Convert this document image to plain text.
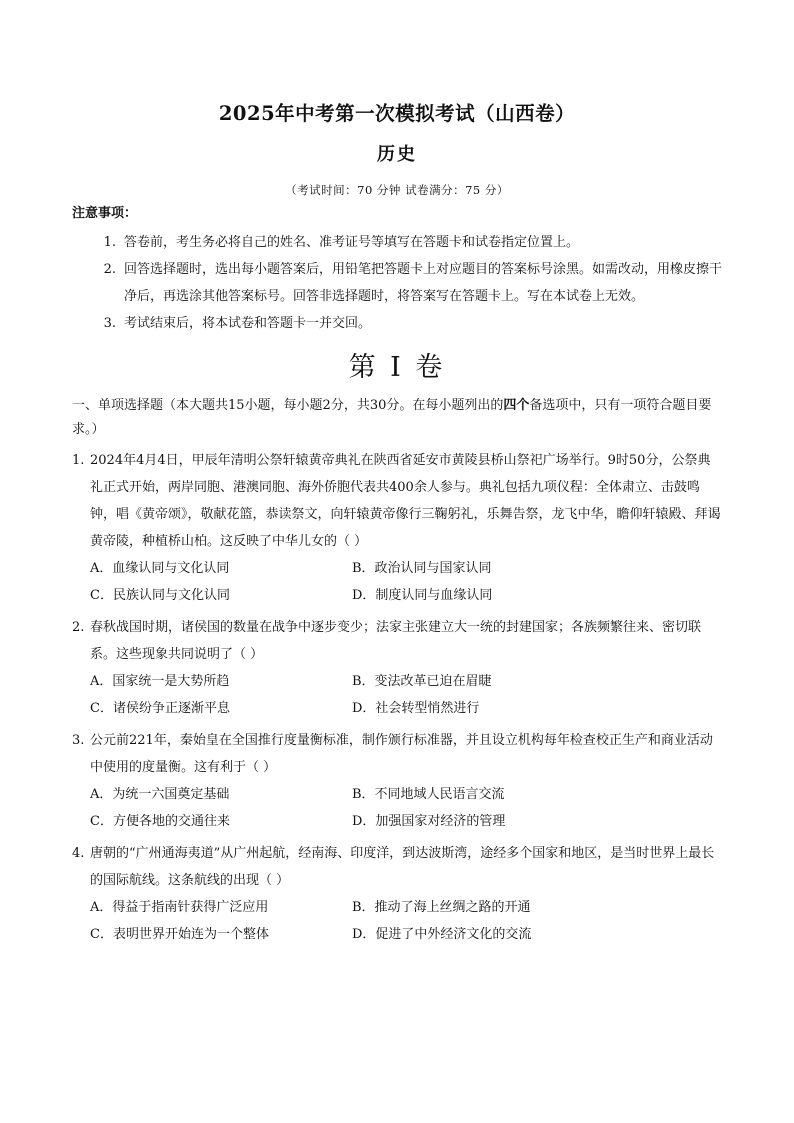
2025年中考第一次模拟考试（山西卷）
历史
（考试时间：70 分钟 试卷满分：75 分）
注意事项：
1. 答卷前，考生务必将自己的姓名、准考证号等填写在答题卡和试卷指定位置上。
2. 回答选择题时，选出每小题答案后，用铅笔把答题卡上对应题目的答案标号涂黑。如需改动，用橡皮擦干净后，再选涂其他答案标号。回答非选择题时，将答案写在答题卡上。写在本试卷上无效。
3. 考试结束后，将本试卷和答题卡一并交回。
第 I 卷
一、单项选择题（本大题共15小题，每小题2分，共30分。在每小题列出的四个备选项中，只有一项符合题目要求。）
1. 2024年4月4日，甲辰年清明公祭轩辕黄帝典礼在陕西省延安市黄陵县桥山祭祀广场举行。9时50分，公祭典礼正式开始，两岸同胞、港澳同胞、海外侨胞代表共400余人参与。典礼包括九项仪程：全体肃立、击鼓鸣钟，唱《黄帝颂》，敬献花篮，恭读祭文，向轩辕黄帝像行三鞠躬礼，乐舞告祭，龙飞中华，瞻仰轩辕殿、拜谒黄帝陵，种植桥山柏。这反映了中华儿女的（ ）
A．血缘认同与文化认同	B．政治认同与国家认同
C．民族认同与文化认同	D．制度认同与血缘认同
2. 春秋战国时期，诸侯国的数量在战争中逐步变少；法家主张建立大一统的封建国家；各族频繁往来、密切联系。这些现象共同说明了（ ）
A．国家统一是大势所趋	B．变法改革已迫在眉睫
C．诸侯纷争正逐渐平息	D．社会转型悄然进行
3. 公元前221年，秦始皇在全国推行度量衡标准，制作颁行标准器，并且设立机构每年检查校正生产和商业活动中使用的度量衡。这有利于（ ）
A．为统一六国奠定基础	B．不同地域人民语言交流
C．方便各地的交通往来	D．加强国家对经济的管理
4. 唐朝的“广州通海夷道”从广州起航，经南海、印度洋，到达波斯湾，途经多个国家和地区，是当时世界上最长的国际航线。这条航线的出现（ ）
A．得益于指南针获得广泛应用	B．推动了海上丝绸之路的开通
C．表明世界开始连为一个整体	D．促进了中外经济文化的交流
